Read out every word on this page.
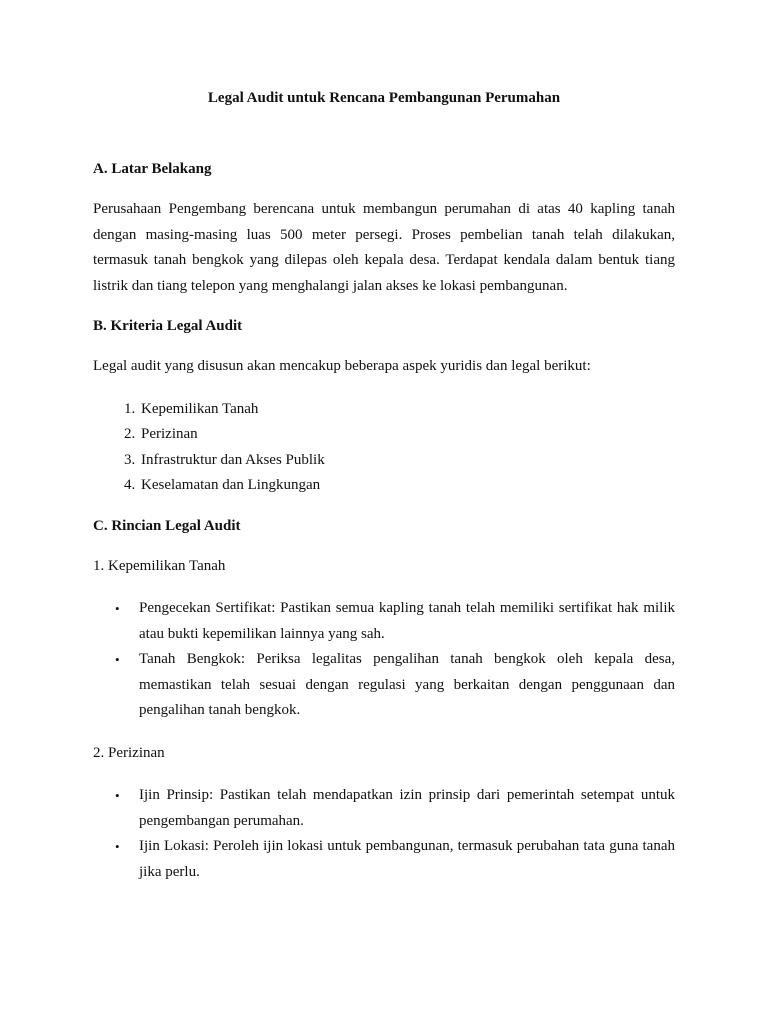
Legal Audit untuk Rencana Pembangunan Perumahan
A. Latar Belakang

Perusahaan Pengembang berencana untuk membangun perumahan di atas 40 kapling tanah dengan masing-masing luas 500 meter persegi. Proses pembelian tanah telah dilakukan, termasuk tanah bengkok yang dilepas oleh kepala desa. Terdapat kendala dalam bentuk tiang listrik dan tiang telepon yang menghalangi jalan akses ke lokasi pembangunan.

B. Kriteria Legal Audit

Legal audit yang disusun akan mencakup beberapa aspek yuridis dan legal berikut:

1. Kepemilikan Tanah
2. Perizinan
3. Infrastruktur dan Akses Publik
4. Keselamatan dan Lingkungan
C. Rincian Legal Audit
1. Kepemilikan Tanah
• Pengecekan Sertifikat: Pastikan semua kapling tanah telah memiliki sertifikat hak milik atau bukti kepemilikan lainnya yang sah.
• Tanah Bengkok: Periksa legalitas pengalihan tanah bengkok oleh kepala desa, memastikan telah sesuai dengan regulasi yang berkaitan dengan penggunaan dan pengalihan tanah bengkok.
2. Perizinan
• Ijin Prinsip: Pastikan telah mendapatkan izin prinsip dari pemerintah setempat untuk pengembangan perumahan.
• Ijin Lokasi: Peroleh ijin lokasi untuk pembangunan, termasuk perubahan tata guna tanah jika perlu.
